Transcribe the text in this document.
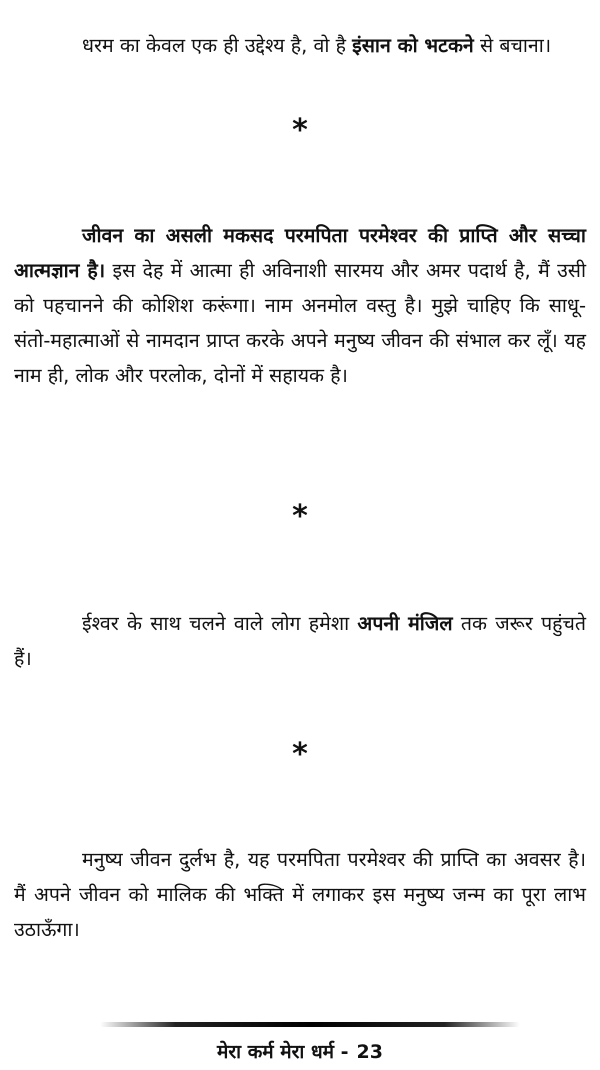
धरम का केवल एक ही उद्देश्य है, वो है इंसान को भटकने से बचाना।

*

जीवन का असली मकसद परमपिता परमेश्वर की प्राप्ति और सच्चा आत्मज्ञान है। इस देह में आत्मा ही अविनाशी सारमय और अमर पदार्थ है, मैं उसी को पहचानने की कोशिश करूंगा। नाम अनमोल वस्तु है। मुझे चाहिए कि साधू-संतो-महात्माओं से नामदान प्राप्त करके अपने मनुष्य जीवन की संभाल कर लूँ। यह नाम ही, लोक और परलोक, दोनों में सहायक है।

*

ईश्वर के साथ चलने वाले लोग हमेशा अपनी मंजिल तक जरूर पहुंचते हैं।

*

मनुष्य जीवन दुर्लभ है, यह परमपिता परमेश्वर की प्राप्ति का अवसर है। मैं अपने जीवन को मालिक की भक्ति में लगाकर इस मनुष्य जन्म का पूरा लाभ उठाऊँगा।

मेरा कर्म मेरा धर्म - 23
